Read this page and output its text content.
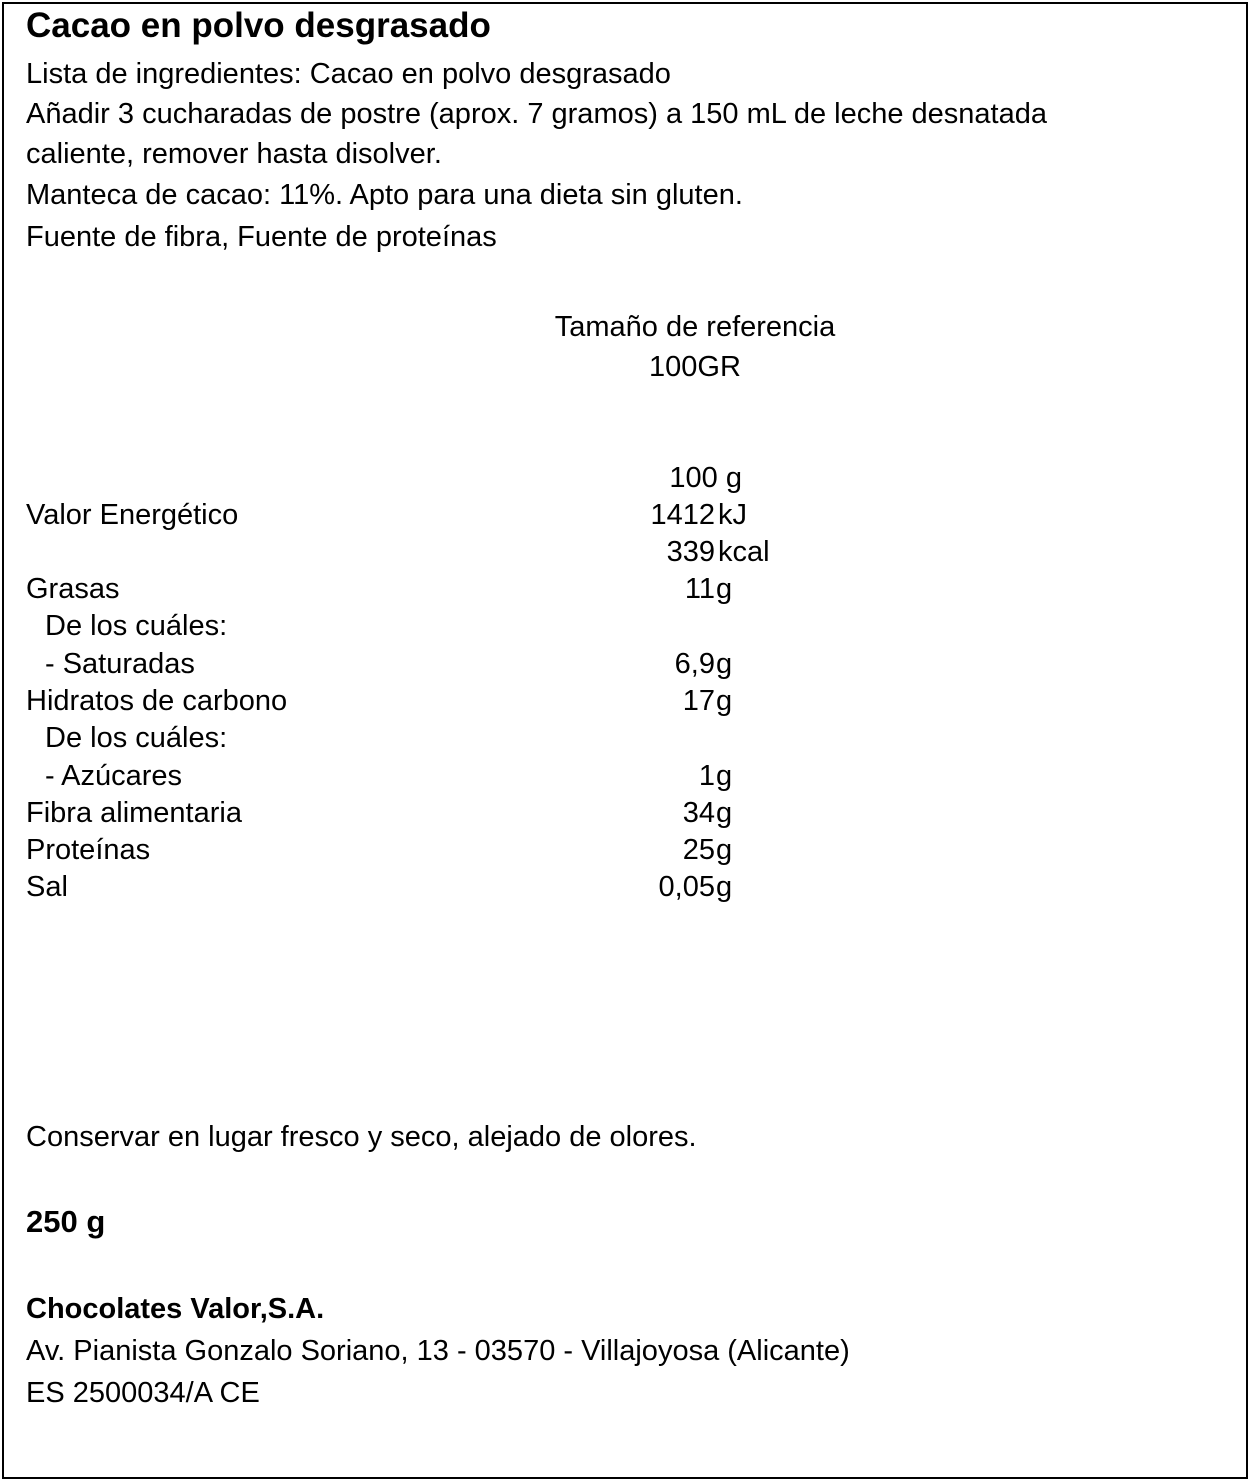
Cacao en polvo desgrasado
Lista de ingredientes: Cacao en polvo desgrasado
Añadir 3 cucharadas de postre (aprox. 7 gramos) a 150 mL de leche desnatada
caliente, remover hasta disolver.
Manteca de cacao: 11%. Apto para una dieta sin gluten.
Fuente de fibra, Fuente de proteínas
Tamaño de referencia
100GR
100 g
Valor Energético	1412 kJ
339 kcal
Grasas	11 g
De los cuáles:
- Saturadas	6,9 g
Hidratos de carbono	17 g
De los cuáles:
- Azúcares	1 g
Fibra alimentaria	34 g
Proteínas	25 g
Sal	0,05 g
Conservar en lugar fresco y seco, alejado de olores.
250 g
Chocolates Valor,S.A.
Av. Pianista Gonzalo Soriano, 13 - 03570 - Villajoyosa (Alicante)
ES 2500034/A CE
